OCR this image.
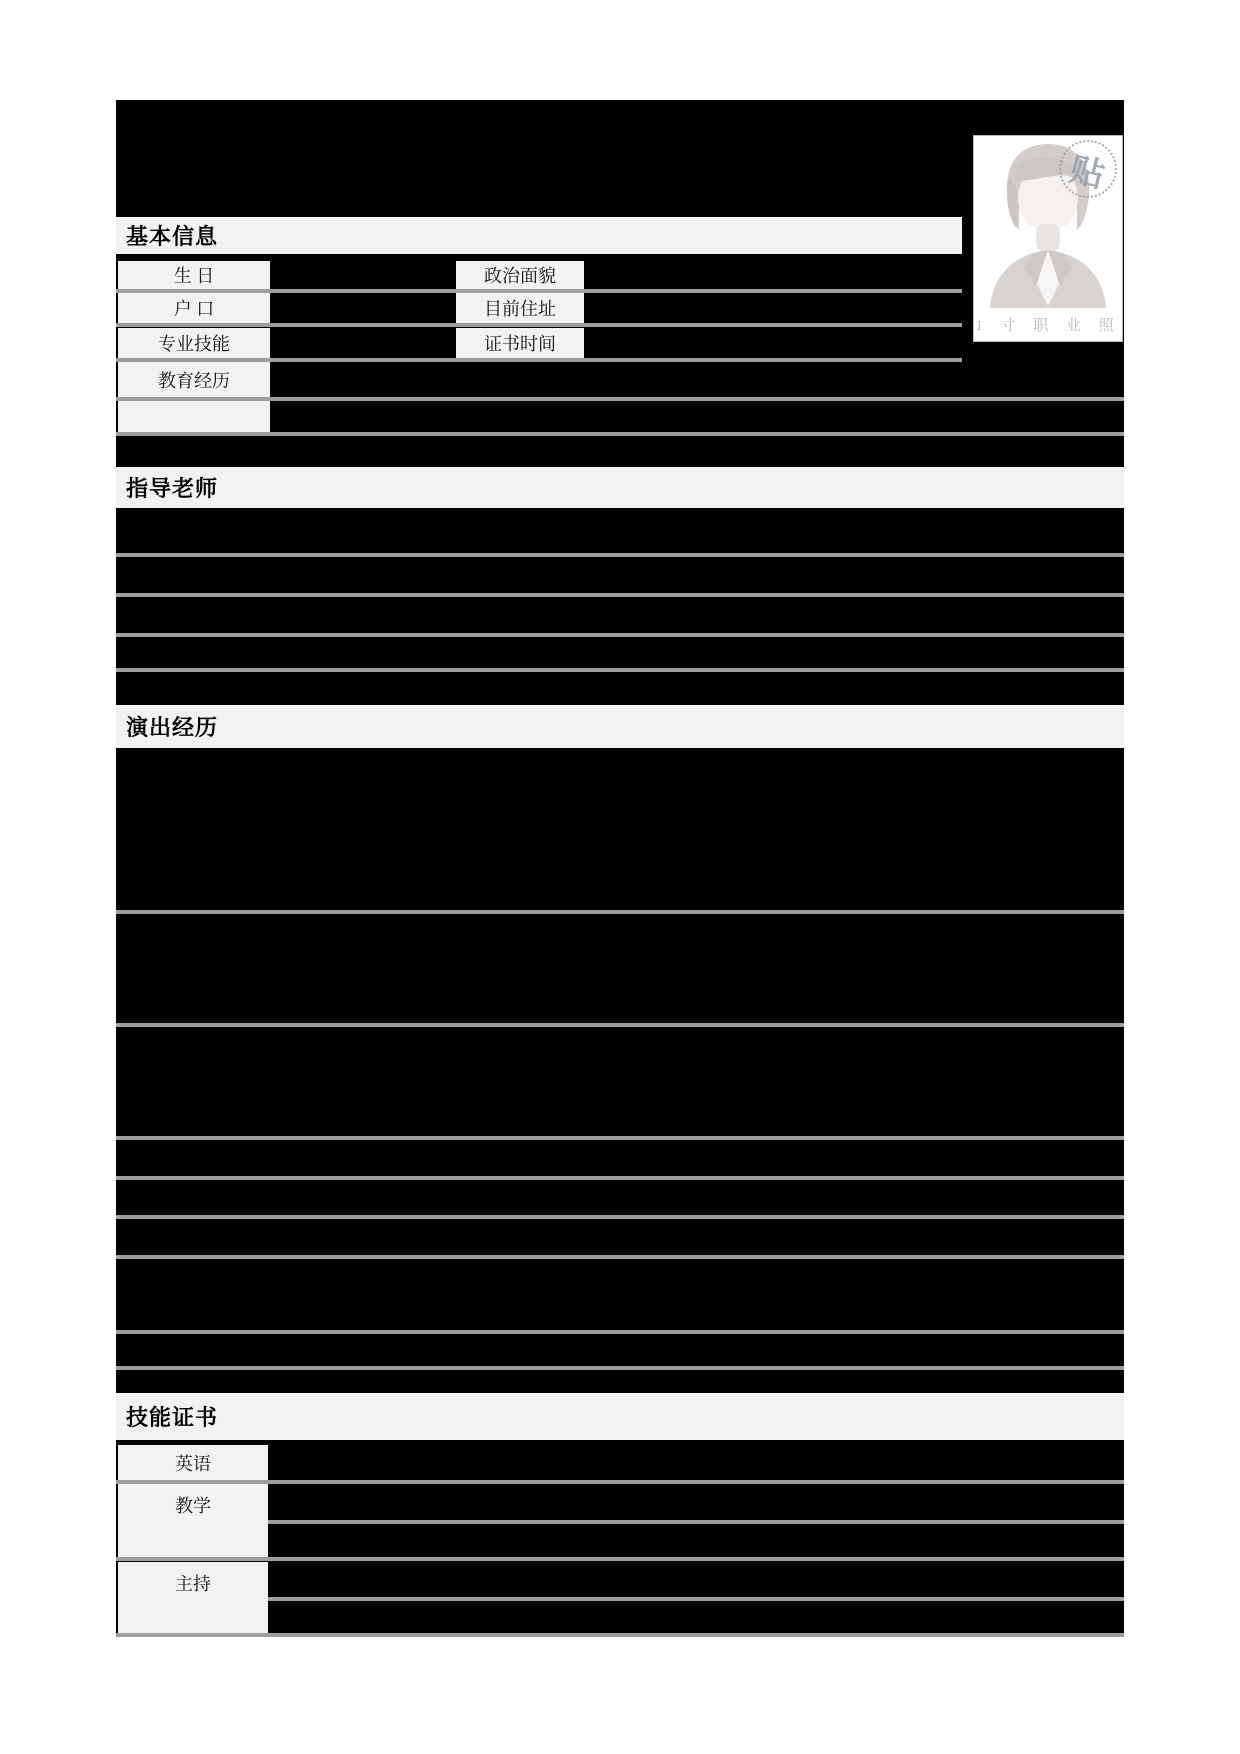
贴
1 寸 职 业 照
基本信息
生 日
户 口
专业技能
教育经历
政治面貌
目前住址
证书时间
指导老师
演出经历
技能证书
英语
教学
主持
